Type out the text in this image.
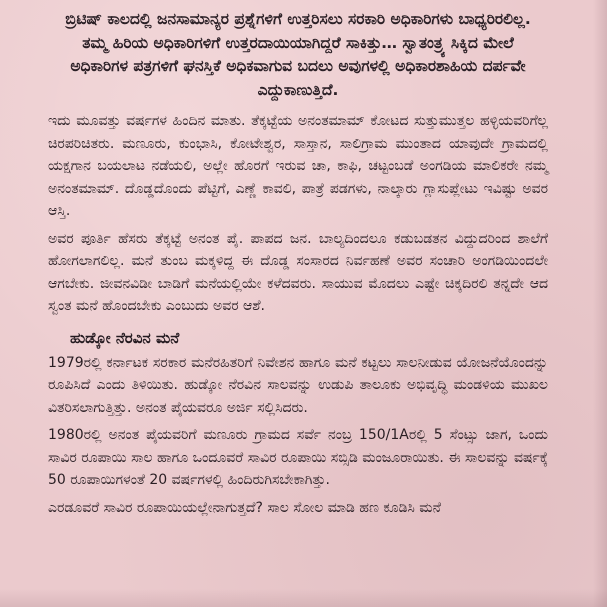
ಬ್ರಿಟಿಷ್ ಕಾಲದಲ್ಲಿ ಜನಸಾಮಾನ್ಯರ ಪ್ರಶ್ನೆಗಳಿಗೆ ಉತ್ತರಿಸಲು ಸರಕಾರಿ ಅಧಿಕಾರಿಗಳು ಬಾಧ್ಯರಿರಲಿಲ್ಲ. ತಮ್ಮ ಹಿರಿಯ ಅಧಿಕಾರಿಗಳಿಗೆ ಉತ್ತರದಾಯಿಯಾಗಿದ್ದರೆ ಸಾಕಿತ್ತು… ಸ್ವಾತಂತ್ರ್ಯ ಸಿಕ್ಕಿದ ಮೇಲೆ ಅಧಿಕಾರಿಗಳ ಪತ್ರಗಳಿಗೆ ಘನಸ್ತಿಕೆ ಅಧಿಕವಾಗುವ ಬದಲು ಅವುಗಳಲ್ಲಿ ಅಧಿಕಾರಶಾಹಿಯ ದರ್ಪವೇ ಎದ್ದುಕಾಣುತ್ತಿದೆ.

ಇದು ಮೂವತ್ತು ವರ್ಷಗಳ ಹಿಂದಿನ ಮಾತು. ತೆಕ್ಕಟ್ಟೆಯ ಅನಂತಮಾಮ್ ಕೋಟದ ಸುತ್ತುಮುತ್ತಲ ಹಳ್ಳಿಯವರಿಗೆಲ್ಲ ಚಿರಪರಿಚಿತರು. ಮಣೂರು, ಕುಂಭಾಸಿ, ಕೋಟೇಶ್ವರ, ಸಾಸ್ತಾನ, ಸಾಲಿಗ್ರಾಮ ಮುಂತಾದ ಯಾವುದೇ ಗ್ರಾಮದಲ್ಲಿ ಯಕ್ಷಗಾನ ಬಯಲಾಟ ನಡೆಯಲಿ, ಅಲ್ಲೇ ಹೊರಗೆ ಇರುವ ಚಾ, ಕಾಫಿ, ಚಟ್ಟಂಬಡೆ ಅಂಗಡಿಯ ಮಾಲಿಕರೇ ನಮ್ಮ ಅನಂತಮಾಮ್. ದೊಡ್ಡದೊಂದು ಪೆಟ್ಟಿಗೆ, ಎಣ್ಣೆ ಕಾವಲಿ, ಪಾತ್ರೆ ಪಡಗಳು, ನಾಲ್ಕಾರು ಗ್ಲಾಸುಪ್ಲೇಟು ಇವಿಷ್ಟು ಅವರ ಆಸ್ತಿ.

ಅವರ ಪೂರ್ತಿ ಹೆಸರು ತೆಕ್ಕಟ್ಟೆ ಅನಂತ ಪೈ. ಪಾಪದ ಜನ. ಬಾಲ್ಯದಿಂದಲೂ ಕಡುಬಡತನ ವಿದ್ದುದರಿಂದ ಶಾಲೆಗೆ ಹೋಗಲಾಗಲಿಲ್ಲ. ಮನೆ ತುಂಬ ಮಕ್ಕಳಿದ್ದ ಈ ದೊಡ್ಡ ಸಂಸಾರದ ನಿರ್ವಹಣೆ ಅವರ ಸಂಚಾರಿ ಅಂಗಡಿಯಿಂದಲೇ ಆಗಬೇಕು. ಜೀವನವಿಡೀ ಬಾಡಿಗೆ ಮನೆಯಲ್ಲಿಯೇ ಕಳೆದವರು. ಸಾಯುವ ಮೊದಲು ಎಷ್ಟೇ ಚಿಕ್ಕದಿರಲಿ ತನ್ನದೇ ಆದ ಸ್ವಂತ ಮನೆ ಹೊಂದಬೇಕು ಎಂಬುದು ಅವರ ಆಶೆ.

ಹುಡ್ಕೋ ನೆರವಿನ ಮನೆ

1979ರಲ್ಲಿ ಕರ್ನಾಟಕ ಸರಕಾರ ಮನೆರಹಿತರಿಗೆ ನಿವೇಶನ ಹಾಗೂ ಮನೆ ಕಟ್ಟಲು ಸಾಲನೀಡುವ ಯೋಜನೆಯೊಂದನ್ನು ರೂಪಿಸಿದೆ ಎಂದು ತಿಳಿಯಿತು. ಹುಡ್ಕೋ ನೆರವಿನ ಸಾಲವನ್ನು ಉಡುಪಿ ತಾಲೂಕು ಅಭಿವೃದ್ಧಿ ಮಂಡಳಿಯ ಮುಖಲ ವಿತರಿಸಲಾಗುತ್ತಿತ್ತು. ಅನಂತ ಪೈಯವರೂ ಅರ್ಜಿ ಸಲ್ಲಿಸಿದರು.

1980ರಲ್ಲಿ ಅನಂತ ಪೈಯವರಿಗೆ ಮಣೂರು ಗ್ರಾಮದ ಸರ್ವೆ ನಂಬ್ರ 150/1Aರಲ್ಲಿ 5 ಸೆಂಟ್ಸು ಜಾಗ, ಒಂದು ಸಾವಿರ ರೂಪಾಯಿ ಸಾಲ ಹಾಗೂ ಒಂದೂವರೆ ಸಾವಿರ ರೂಪಾಯಿ ಸಬ್ಸಿಡಿ ಮಂಜೂರಾಯಿತು. ಈ ಸಾಲವನ್ನು ವರ್ಷಕ್ಕೆ 50 ರೂಪಾಯಿಗಳಂತೆ 20 ವರ್ಷಗಳಲ್ಲಿ ಹಿಂದಿರುಗಿಸಬೇಕಾಗಿತ್ತು.

ಎರಡೂವರೆ ಸಾವಿರ ರೂಪಾಯಿಯಲ್ಲೇನಾಗುತ್ತದೆ? ಸಾಲ ಸೋಲ ಮಾಡಿ ಹಣ ಕೂಡಿಸಿ ಮನೆ
